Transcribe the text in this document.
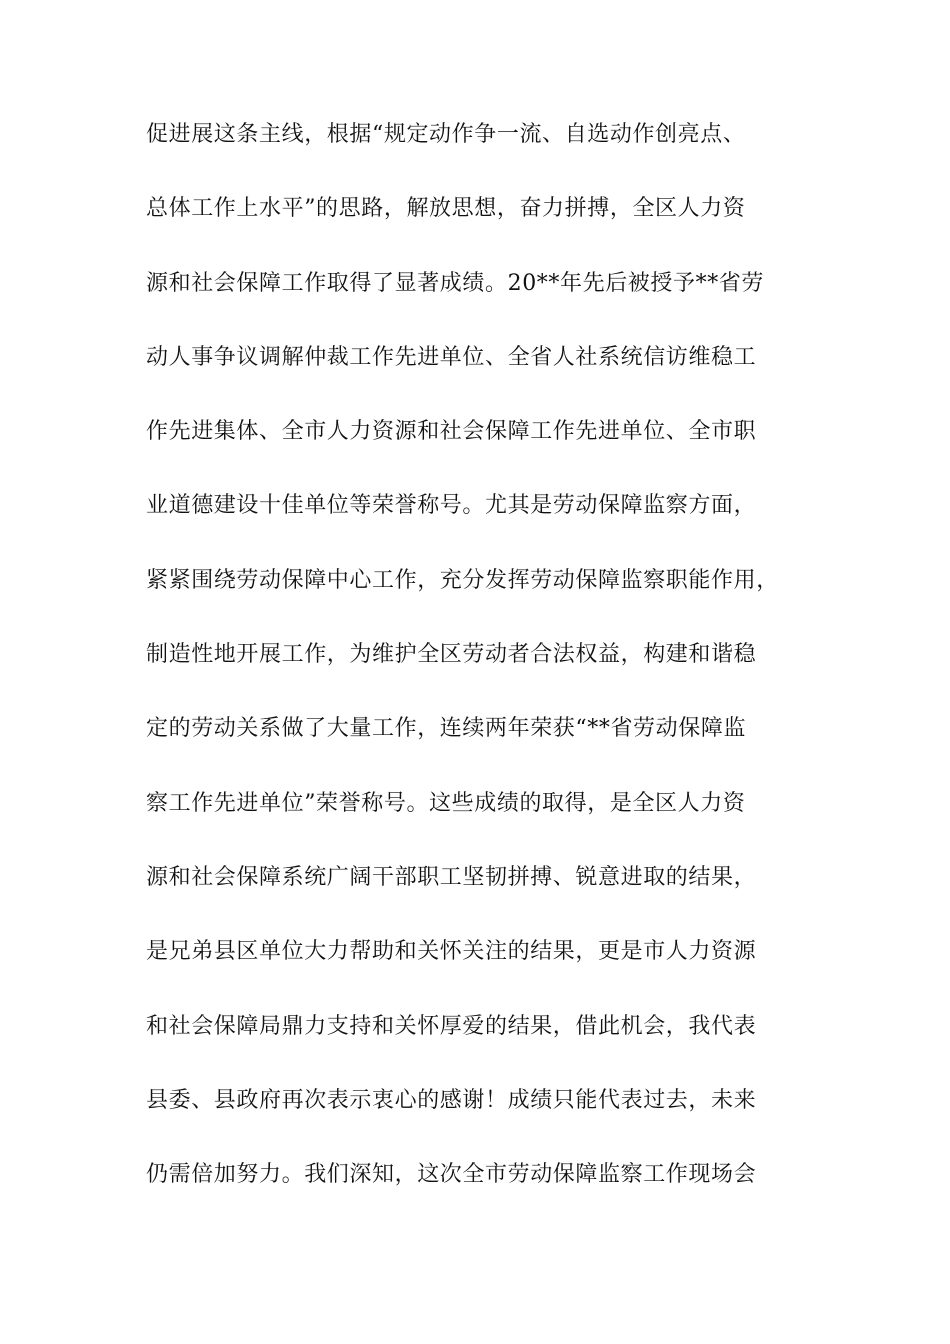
促进展这条主线，根据“规定动作争一流、自选动作创亮点、
总体工作上水平”的思路，解放思想，奋力拼搏，全区人力资
源和社会保障工作取得了显著成绩。20**年先后被授予**省劳
动人事争议调解仲裁工作先进单位、全省人社系统信访维稳工
作先进集体、全市人力资源和社会保障工作先进单位、全市职
业道德建设十佳单位等荣誉称号。尤其是劳动保障监察方面，
紧紧围绕劳动保障中心工作，充分发挥劳动保障监察职能作用，
制造性地开展工作，为维护全区劳动者合法权益，构建和谐稳
定的劳动关系做了大量工作，连续两年荣获“**省劳动保障监
察工作先进单位”荣誉称号。这些成绩的取得，是全区人力资
源和社会保障系统广阔干部职工坚韧拼搏、锐意进取的结果，
是兄弟县区单位大力帮助和关怀关注的结果，更是市人力资源
和社会保障局鼎力支持和关怀厚爱的结果，借此机会，我代表
县委、县政府再次表示衷心的感谢！成绩只能代表过去，未来
仍需倍加努力。我们深知，这次全市劳动保障监察工作现场会
